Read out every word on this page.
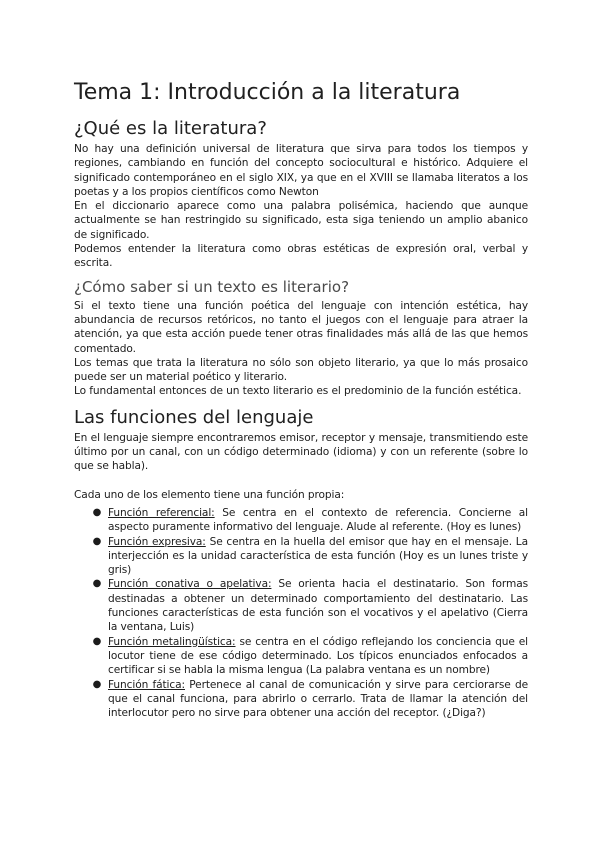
Tema 1: Introducción a la literatura
¿Qué es la literatura?

No hay una definición universal de literatura que sirva para todos los tiempos y regiones, cambiando en función del concepto sociocultural e histórico. Adquiere el significado contemporáneo en el siglo XIX, ya que en el XVIII se llamaba literatos a los poetas y a los propios científicos como Newton

En el diccionario aparece como una palabra polisémica, haciendo que aunque actualmente se han restringido su significado, esta siga teniendo un amplio abanico de significado.

Podemos entender la literatura como obras estéticas de expresión oral, verbal y escrita.

¿Cómo saber si un texto es literario?

Si el texto tiene una función poética del lenguaje con intención estética, hay abundancia de recursos retóricos, no tanto el juegos con el lenguaje para atraer la atención, ya que esta acción puede tener otras finalidades más allá de las que hemos comentado.

Los temas que trata la literatura no sólo son objeto literario, ya que lo más prosaico puede ser un material poético y literario.

Lo fundamental entonces de un texto literario es el predominio de la función estética.

Las funciones del lenguaje

En el lenguaje siempre encontraremos emisor, receptor y mensaje, transmitiendo este último por un canal, con un código determinado (idioma) y con un referente (sobre lo que se habla).

Cada uno de los elemento tiene una función propia:

● Función referencial: Se centra en el contexto de referencia. Concierne al aspecto puramente informativo del lenguaje. Alude al referente. (Hoy es lunes)
● Función expresiva: Se centra en la huella del emisor que hay en el mensaje. La interjección es la unidad característica de esta función (Hoy es un lunes triste y gris)
● Función conativa o apelativa: Se orienta hacia el destinatario. Son formas destinadas a obtener un determinado comportamiento del destinatario. Las funciones características de esta función son el vocativos y el apelativo (Cierra la ventana, Luis)
● Función metalingüística: se centra en el código reflejando los conciencia que el locutor tiene de ese código determinado. Los típicos enunciados enfocados a certificar si se habla la misma lengua (La palabra ventana es un nombre)
● Función fática: Pertenece al canal de comunicación y sirve para cerciorarse de que el canal funciona, para abrirlo o cerrarlo. Trata de llamar la atención del interlocutor pero no sirve para obtener una acción del receptor. (¿Diga?)
